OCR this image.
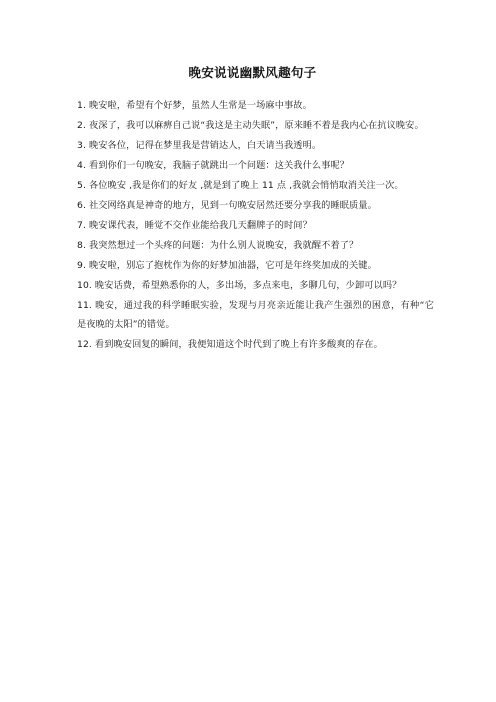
晚安说说幽默风趣句子
1. 晚安啦，希望有个好梦，虽然人生常是一场麻中事故。
2. 夜深了，我可以麻痹自己说“我这是主动失眠”，原来睡不着是我内心在抗议晚安。
3. 晚安各位，记得在梦里我是营销达人，白天请当我透明。
4. 看到你们一句晚安，我脑子就跳出一个问题：这关我什么事呢？
5. 各位晚安 ,我是你们的好友 ,就是到了晚上 11 点 ,我就会悄悄取消关注一次。
6. 社交网络真是神奇的地方，见到一句晚安居然还要分享我的睡眠质量。
7. 晚安课代表，睡觉不交作业能给我几天翻牌子的时间？
8. 我突然想过一个头疼的问题：为什么别人说晚安，我就醒不着了？
9. 晚安啦，别忘了抱枕作为你的好梦加油器，它可是年终奖加成的关键。
10. 晚安话费，希望熟悉你的人，多出场，多点来电，多聊几句，少卸可以吗？
11. 晚安，通过我的科学睡眠实验，发现与月亮亲近能让我产生强烈的困意，有种“它是夜晚的太阳”的错觉。
12. 看到晚安回复的瞬间，我便知道这个时代到了晚上有许多酸爽的存在。
